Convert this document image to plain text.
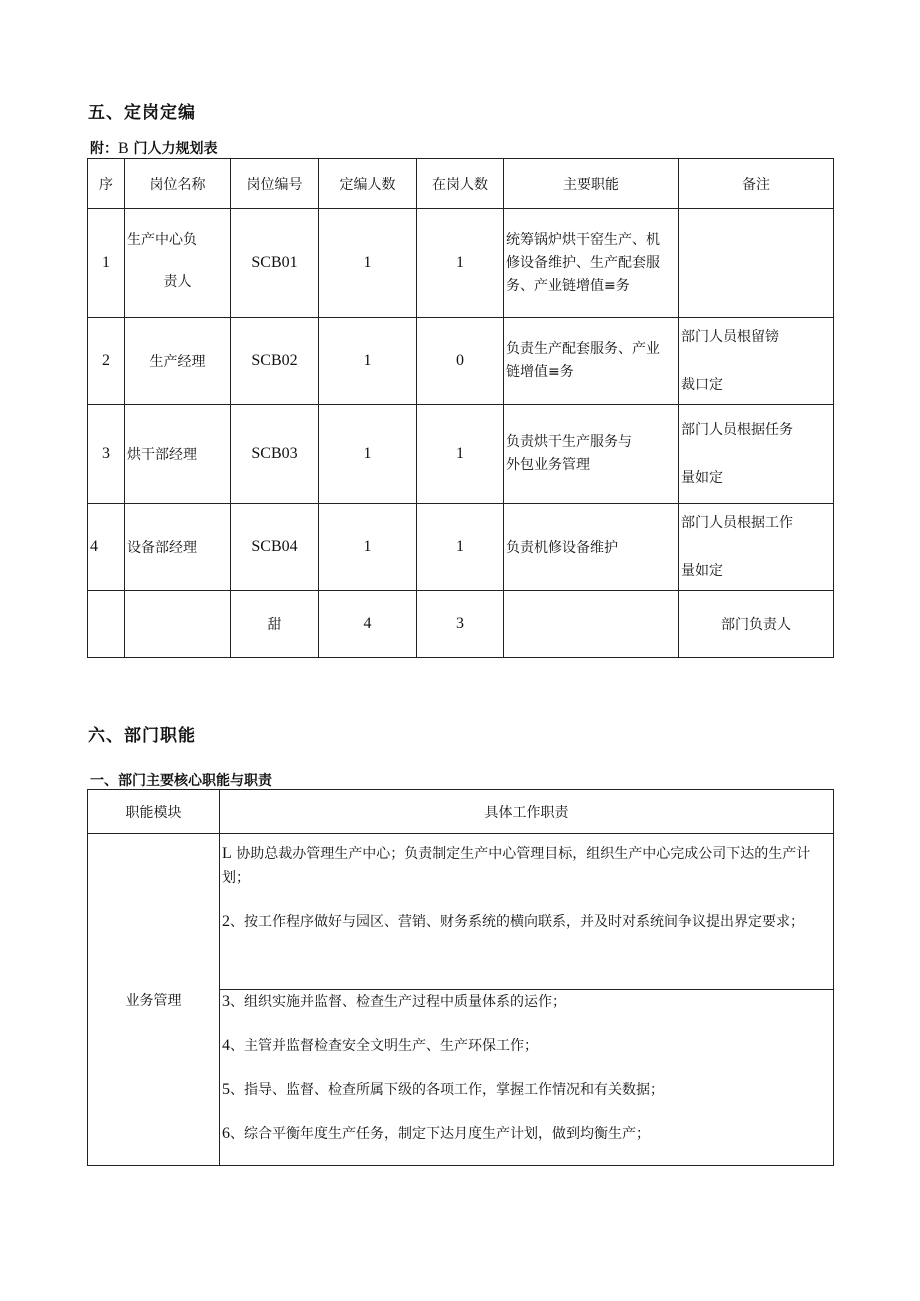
五、定岗定编
附：B 门人力规划表
序	岗位名称	岗位编号	定编人数	在岗人数	主要职能	备注
1	生产中心负
责人	SCB01	1	1	统筹锅炉烘干窑生产、机
修设备维护、生产配套服
务、产业链增值≡务	

2	生产经理	SCB02	1	0	负责生产配套服务、产业
链增值≡务	部门人员根留镑
裁口定

3	烘干部经理	SCB03	1	1	负责烘干生产服务与
外包业务管理	部门人员根据任务
量如定

4	设备部经理	SCB04	1	1	负责机修设备维护	部门人员根据工作
量如定

		甜	4	3		部门负责人
六、部门职能
一、部门主要核心职能与职责
职能模块	具体工作职责
业务管理	L 协助总裁办管理生产中心；负责制定生产中心管理目标，组织生产中心完成公司下达的生产计划；
2、按工作程序做好与园区、营销、财务系统的横向联系，并及时对系统间争议提出界定要求；

	3、组织实施并监督、检查生产过程中质量体系的运作；
4、主管并监督检查安全文明生产、生产环保工作；
5、指导、监督、检查所属下级的各项工作，掌握工作情况和有关数据；
6、综合平衡年度生产任务，制定下达月度生产计划，做到均衡生产；
